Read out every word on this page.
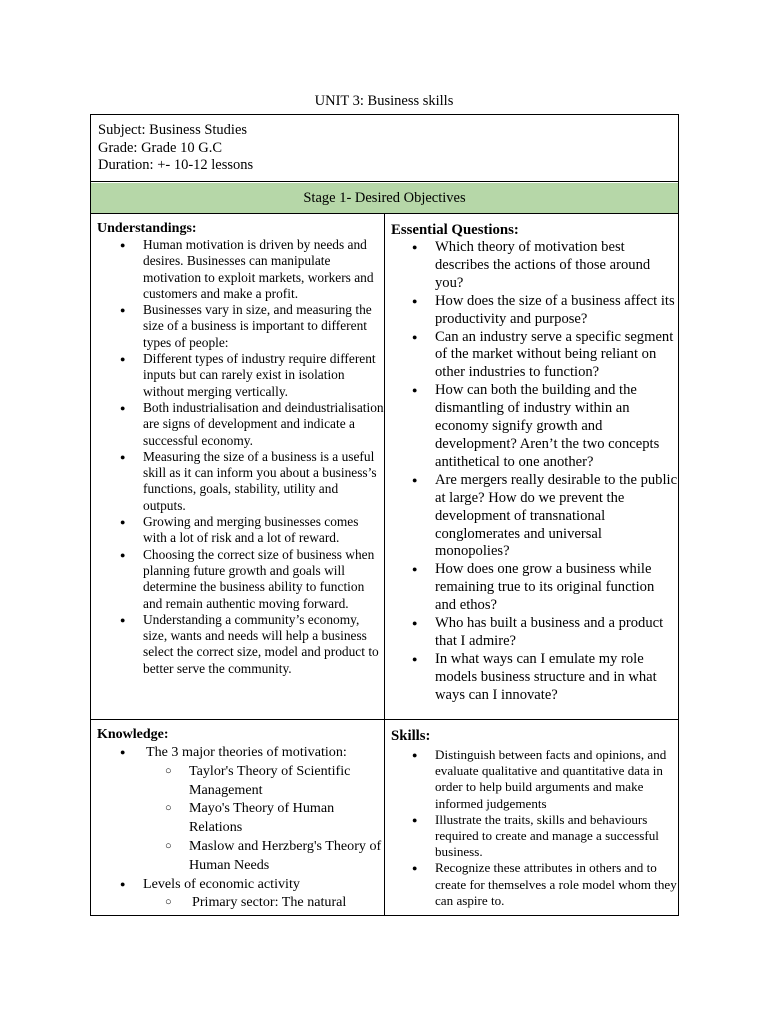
UNIT 3: Business skills
Subject: Business Studies
Grade: Grade 10 G.C
Duration: +- 10-12 lessons
Stage 1- Desired Objectives
Understandings:
● Human motivation is driven by needs and desires. Businesses can manipulate motivation to exploit markets, workers and customers and make a profit.
● Businesses vary in size, and measuring the size of a business is important to different types of people:
● Different types of industry require different inputs but can rarely exist in isolation without merging vertically.
● Both industrialisation and deindustrialisation are signs of development and indicate a successful economy.
● Measuring the size of a business is a useful skill as it can inform you about a business’s functions, goals, stability, utility and outputs.
● Growing and merging businesses comes with a lot of risk and a lot of reward.
● Choosing the correct size of business when planning future growth and goals will determine the business ability to function and remain authentic moving forward.
● Understanding a community’s economy, size, wants and needs will help a business select the correct size, model and product to better serve the community.
Essential Questions:
● Which theory of motivation best describes the actions of those around you?
● How does the size of a business affect its productivity and purpose?
● Can an industry serve a specific segment of the market without being reliant on other industries to function?
● How can both the building and the dismantling of industry within an economy signify growth and development? Aren’t the two concepts antithetical to one another?
● Are mergers really desirable to the public at large? How do we prevent the development of transnational conglomerates and universal monopolies?
● How does one grow a business while remaining true to its original function and ethos?
● Who has built a business and a product that I admire?
● In what ways can I emulate my role models business structure and in what ways can I innovate?
Knowledge:
● The 3 major theories of motivation:
○ Taylor's Theory of Scientific Management
○ Mayo's Theory of Human Relations
○ Maslow and Herzberg's Theory of Human Needs
● Levels of economic activity
○ Primary sector: The natural
Skills:
● Distinguish between facts and opinions, and evaluate qualitative and quantitative data in order to help build arguments and make informed judgements
● Illustrate the traits, skills and behaviours required to create and manage a successful business.
● Recognize these attributes in others and to create for themselves a role model whom they can aspire to.
